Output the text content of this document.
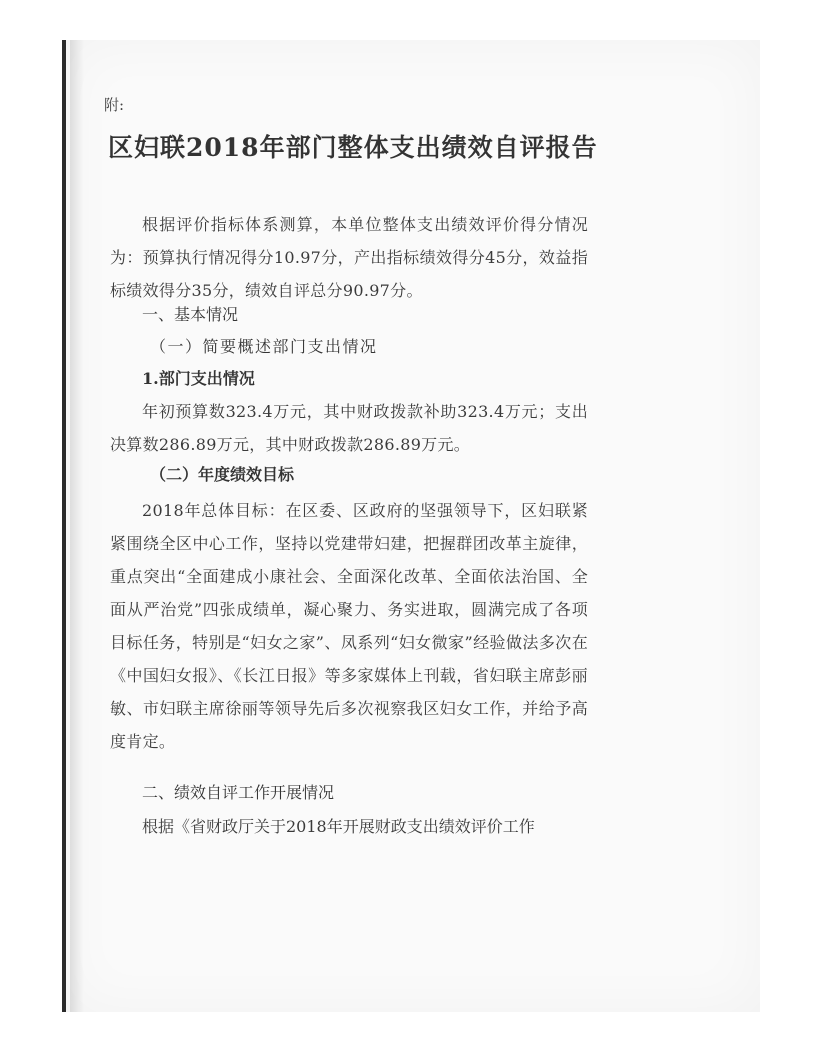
附:
区妇联2018年部门整体支出绩效自评报告
根据评价指标体系测算，本单位整体支出绩效评价得分情况为：预算执行情况得分10.97分，产出指标绩效得分45分，效益指标绩效得分35分，绩效自评总分90.97分。
一、基本情况
（一）简要概述部门支出情况
1.部门支出情况
年初预算数323.4万元，其中财政拨款补助323.4万元；支出决算数286.89万元，其中财政拨款286.89万元。
（二）年度绩效目标
2018年总体目标：在区委、区政府的坚强领导下，区妇联紧紧围绕全区中心工作，坚持以党建带妇建，把握群团改革主旋律，重点突出“全面建成小康社会、全面深化改革、全面依法治国、全面从严治党”四张成绩单，凝心聚力、务实进取，圆满完成了各项目标任务，特别是“妇女之家”、凤系列“妇女微家”经验做法多次在《中国妇女报》、《长江日报》等多家媒体上刊载，省妇联主席彭丽敏、市妇联主席徐丽等领导先后多次视察我区妇女工作，并给予高度肯定。
二、绩效自评工作开展情况
根据《省财政厅关于2018年开展财政支出绩效评价工作
